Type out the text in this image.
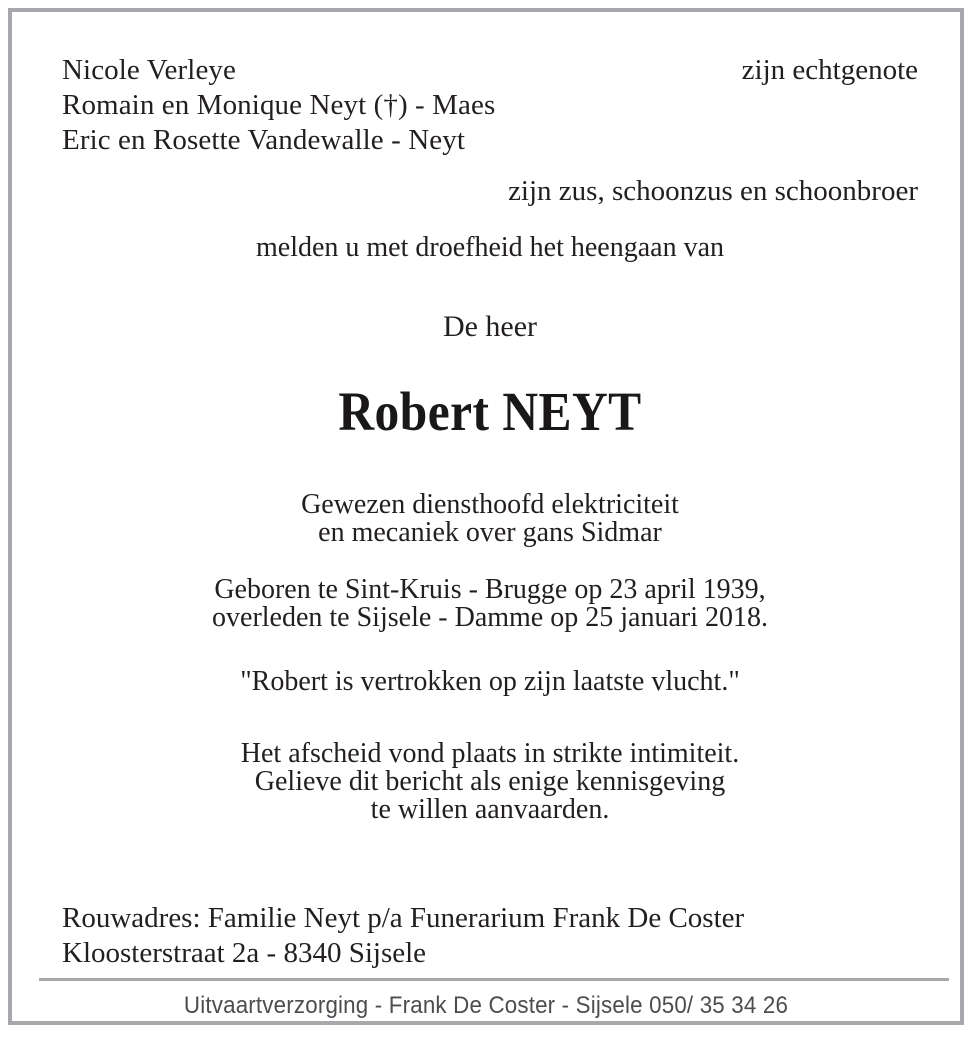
Nicole Verleye
Romain en Monique Neyt (†) - Maes
Eric en Rosette Vandewalle - Neyt
zijn echtgenote
zijn zus, schoonzus en schoonbroer
melden u met droefheid het heengaan van
De heer
Robert NEYT
Gewezen diensthoofd elektriciteit
en mecaniek over gans Sidmar
Geboren te Sint-Kruis - Brugge op 23 april 1939,
overleden te Sijsele - Damme op 25 januari 2018.
"Robert is vertrokken op zijn laatste vlucht."
Het afscheid vond plaats in strikte intimiteit.
Gelieve dit bericht als enige kennisgeving
te willen aanvaarden.
Rouwadres: Familie Neyt p/a Funerarium Frank De Coster
Kloosterstraat 2a - 8340 Sijsele
Uitvaartverzorging - Frank De Coster - Sijsele 050/ 35 34 26
